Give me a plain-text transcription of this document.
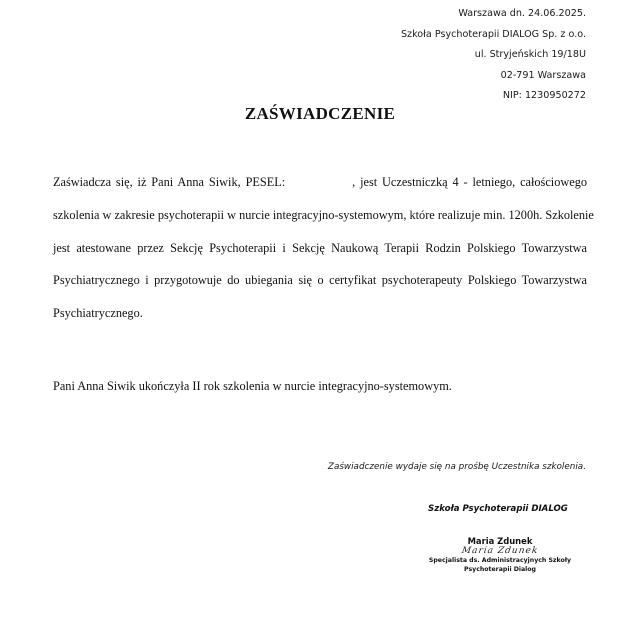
Warszawa dn. 24.06.2025.
Szkoła Psychoterapii DIALOG Sp. z o.o.
ul. Stryjeńskich 19/18U
02-791 Warszawa
NIP: 1230950272
ZAŚWIADCZENIE
Zaświadcza się, iż Pani Anna Siwik, PESEL:	, jest Uczestniczką 4 - letniego, całościowego
szkolenia w zakresie psychoterapii w nurcie integracyjno-systemowym, które realizuje min. 1200h. Szkolenie
jest atestowane przez Sekcję Psychoterapii i Sekcję Naukową Terapii Rodzin Polskiego Towarzystwa
Psychiatrycznego i przygotowuje do ubiegania się o certyfikat psychoterapeuty Polskiego Towarzystwa
Psychiatrycznego.
Pani Anna Siwik ukończyła II rok szkolenia w nurcie integracyjno-systemowym.
Zaświadczenie wydaje się na prośbę Uczestnika szkolenia.
Szkoła Psychoterapii DIALOG
Maria Zdunek
Maria Zdunek
Specjalista ds. Administracyjnych Szkoły
Psychoterapii Dialog
